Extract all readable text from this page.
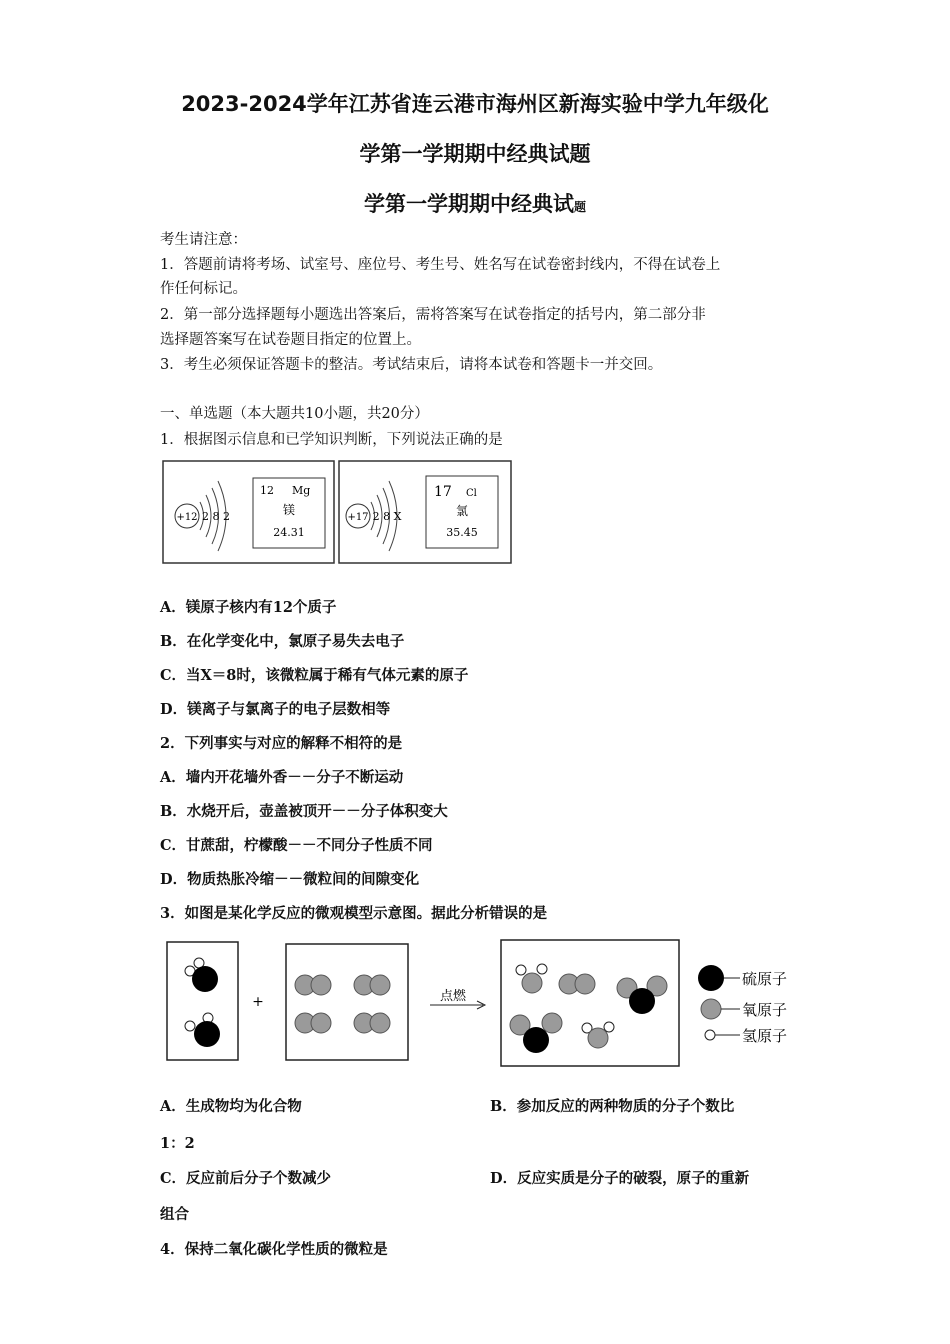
2023-2024学年江苏省连云港市海州区新海实验中学九年级化
学第一学期期中经典试题
学第一学期期中经典试题
考生请注意：
1．答题前请将考场、试室号、座位号、考生号、姓名写在试卷密封线内，不得在试卷上
作任何标记。
2．第一部分选择题每小题选出答案后，需将答案写在试卷指定的括号内，第二部分非
选择题答案写在试卷题目指定的位置上。
3．考生必须保证答题卡的整洁。考试结束后，请将本试卷和答题卡一并交回。
一、单选题（本大题共10小题，共20分）
1．根据图示信息和已学知识判断，下列说法正确的是
+12 2 8 2
12 Mg
镁
24.31
+17 2 8 X
17 Cl
氯
35.45
A．镁原子核内有12个质子
B．在化学变化中，氯原子易失去电子
C．当X＝8时，该微粒属于稀有气体元素的原子
D．镁离子与氯离子的电子层数相等
2．下列事实与对应的解释不相符的是
A．墙内开花墙外香－－分子不断运动
B．水烧开后，壶盖被顶开－－分子体积变大
C．甘蔗甜，柠檬酸－－不同分子性质不同
D．物质热胀冷缩－－微粒间的间隙变化
3．如图是某化学反应的微观模型示意图。据此分析错误的是
+	点燃
硫原子
氧原子
氢原子
A．生成物均为化合物	B．参加反应的两种物质的分子个数比
1：2
C．反应前后分子个数减少	D．反应实质是分子的破裂，原子的重新
组合
4．保持二氧化碳化学性质的微粒是
